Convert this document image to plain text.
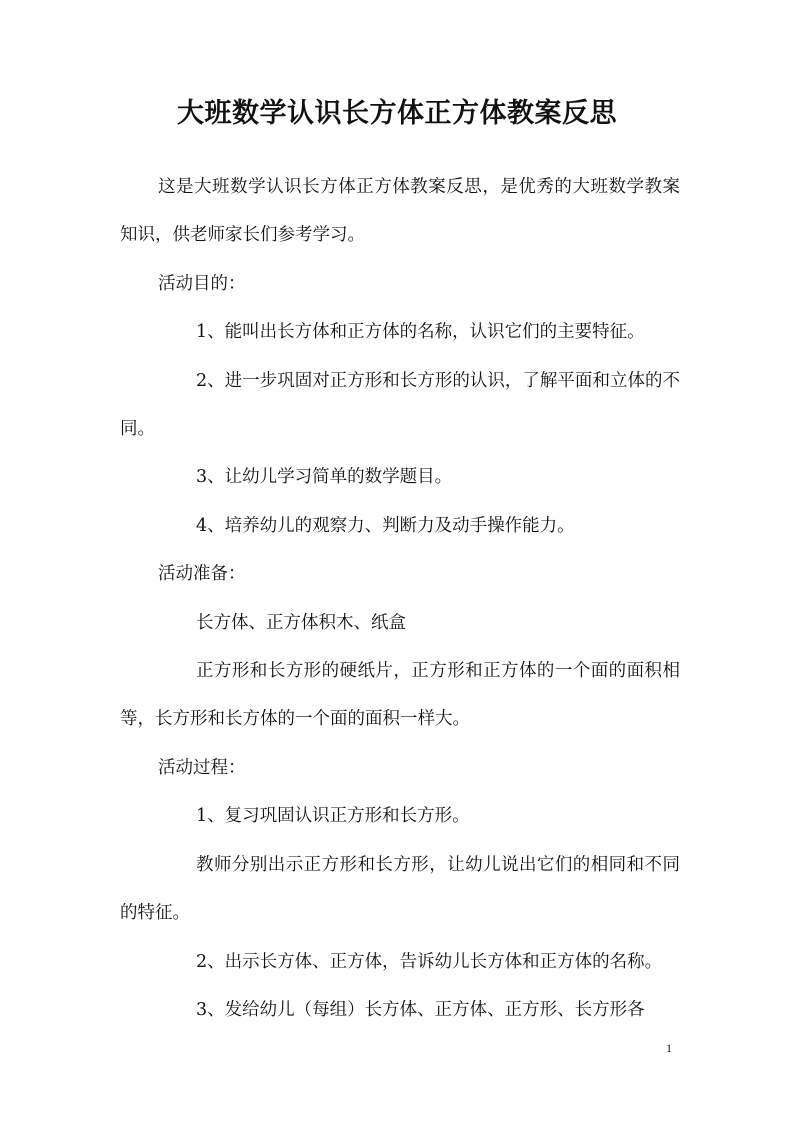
大班数学认识长方体正方体教案反思

这是大班数学认识长方体正方体教案反思，是优秀的大班数学教案知识，供老师家长们参考学习。

活动目的：

1、能叫出长方体和正方体的名称，认识它们的主要特征。

2、进一步巩固对正方形和长方形的认识，了解平面和立体的不同。

3、让幼儿学习简单的数学题目。

4、培养幼儿的观察力、判断力及动手操作能力。

活动准备：

长方体、正方体积木、纸盒

正方形和长方形的硬纸片，正方形和正方体的一个面的面积相等，长方形和长方体的一个面的面积一样大。

活动过程：

1、复习巩固认识正方形和长方形。

教师分别出示正方形和长方形，让幼儿说出它们的相同和不同的特征。

2、出示长方体、正方体，告诉幼儿长方体和正方体的名称。

3、发给幼儿（每组）长方体、正方体、正方形、长方形各

1
